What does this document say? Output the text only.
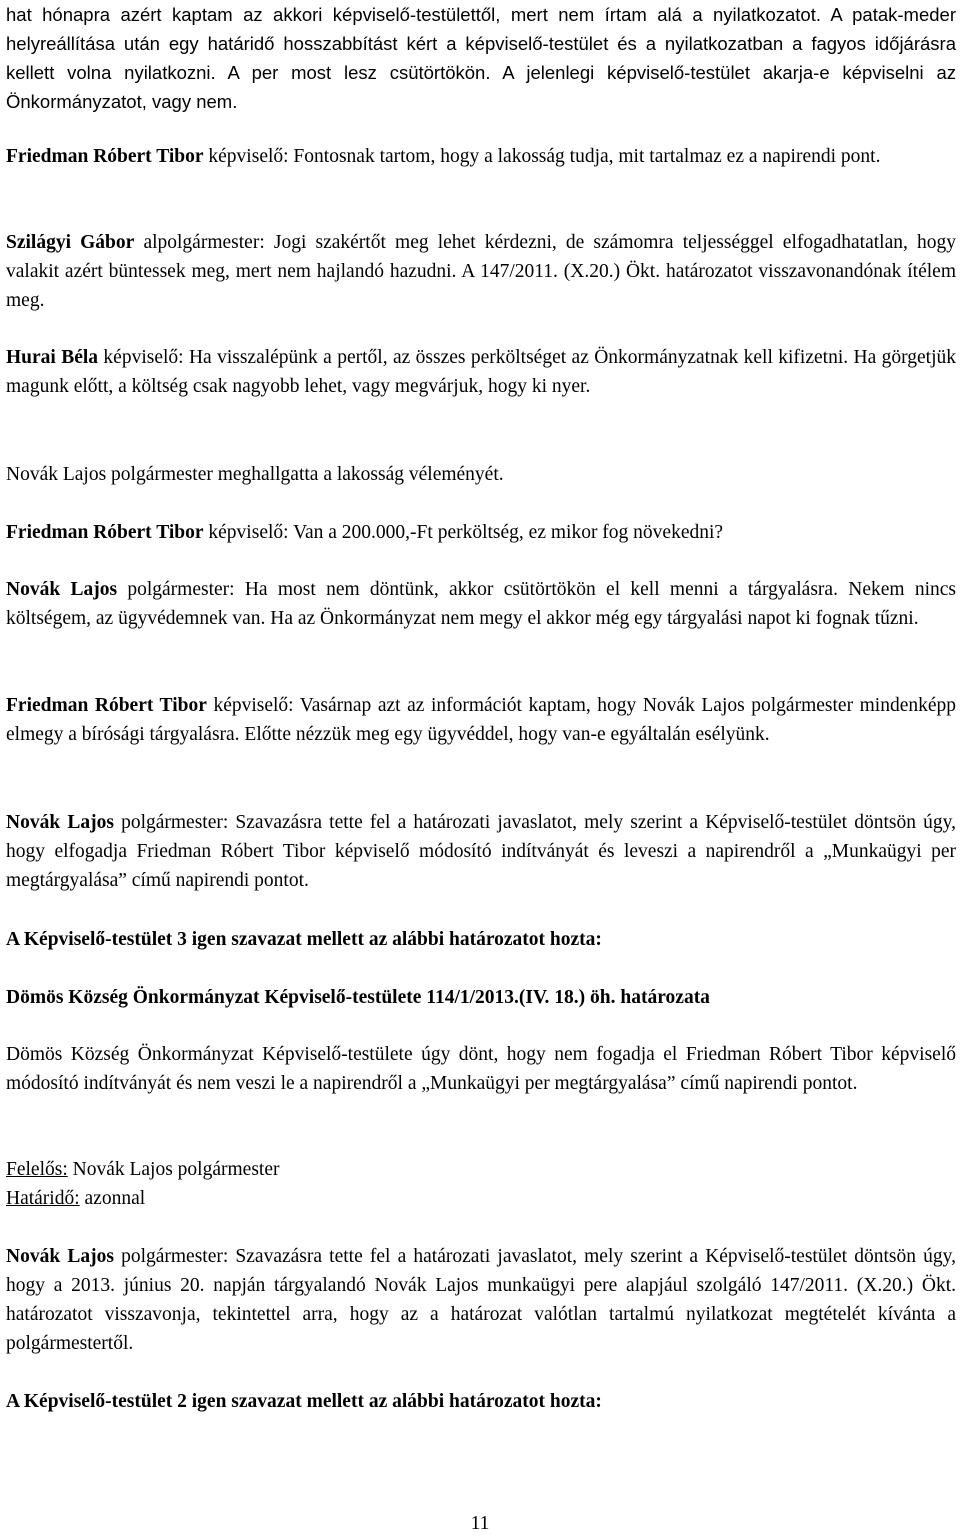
hat hónapra azért kaptam az akkori képviselő-testülettől, mert nem írtam alá a nyilatkozatot. A patak-meder helyreállítása után egy határidő hosszabbítást kért a képviselő-testület és a nyilatkozatban a fagyos időjárásra kellett volna nyilatkozni. A per most lesz csütörtökön. A jelenlegi képviselő-testület akarja-e képviselni az Önkormányzatot, vagy nem.

Friedman Róbert Tibor képviselő: Fontosnak tartom, hogy a lakosság tudja, mit tartalmaz ez a napirendi pont.

Szilágyi Gábor alpolgármester: Jogi szakértőt meg lehet kérdezni, de számomra teljességgel elfogadhatatlan, hogy valakit azért büntessek meg, mert nem hajlandó hazudni. A 147/2011. (X.20.) Ökt. határozatot visszavonandónak ítélem meg.

Hurai Béla képviselő: Ha visszalépünk a pertől, az összes perköltséget az Önkormányzatnak kell kifizetni. Ha görgetjük magunk előtt, a költség csak nagyobb lehet, vagy megvárjuk, hogy ki nyer.

Novák Lajos polgármester meghallgatta a lakosság véleményét.

Friedman Róbert Tibor képviselő: Van a 200.000,-Ft perköltség, ez mikor fog növekedni?

Novák Lajos polgármester: Ha most nem döntünk, akkor csütörtökön el kell menni a tárgyalásra. Nekem nincs költségem, az ügyvédemnek van. Ha az Önkormányzat nem megy el akkor még egy tárgyalási napot ki fognak tűzni.

Friedman Róbert Tibor képviselő: Vasárnap azt az információt kaptam, hogy Novák Lajos polgármester mindenképp elmegy a bírósági tárgyalásra. Előtte nézzük meg egy ügyvéddel, hogy van-e egyáltalán esélyünk.

Novák Lajos polgármester: Szavazásra tette fel a határozati javaslatot, mely szerint a Képviselő-testület döntsön úgy, hogy elfogadja Friedman Róbert Tibor képviselő módosító indítványát és leveszi a napirendről a „Munkaügyi per megtárgyalása” című napirendi pontot.

A Képviselő-testület 3 igen szavazat mellett az alábbi határozatot hozta:

Dömös Község Önkormányzat Képviselő-testülete 114/1/2013.(IV. 18.) öh. határozata

Dömös Község Önkormányzat Képviselő-testülete úgy dönt, hogy nem fogadja el Friedman Róbert Tibor képviselő módosító indítványát és nem veszi le a napirendről a „Munkaügyi per megtárgyalása” című napirendi pontot.

Felelős: Novák Lajos polgármester
Határidő: azonnal

Novák Lajos polgármester: Szavazásra tette fel a határozati javaslatot, mely szerint a Képviselő-testület döntsön úgy, hogy a 2013. június 20. napján tárgyalandó Novák Lajos munkaügyi pere alapjául szolgáló 147/2011. (X.20.) Ökt. határozatot visszavonja, tekintettel arra, hogy az a határozat valótlan tartalmú nyilatkozat megtételét kívánta a polgármestertől.

A Képviselő-testület 2 igen szavazat mellett az alábbi határozatot hozta:

11
